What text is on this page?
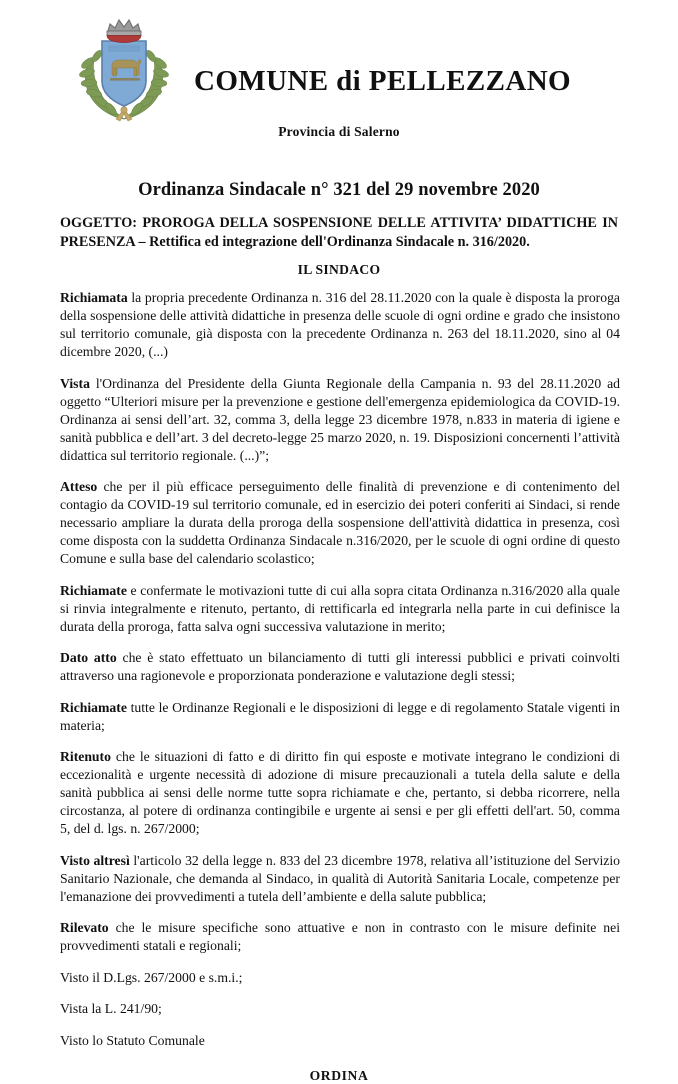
COMUNE di PELLEZZANO
Provincia di Salerno
Ordinanza Sindacale n° 321 del 29 novembre 2020
OGGETTO: PROROGA DELLA SOSPENSIONE DELLE ATTIVITA’ DIDATTICHE IN PRESENZA – Rettifica ed integrazione dell'Ordinanza Sindacale n. 316/2020.
IL SINDACO

Richiamata la propria precedente Ordinanza n. 316 del 28.11.2020 con la quale è disposta la proroga della sospensione delle attività didattiche in presenza delle scuole di ogni ordine e grado che insistono sul territorio comunale, già disposta con la precedente Ordinanza n. 263 del 18.11.2020, sino al 04 dicembre 2020, (...)

Vista l'Ordinanza del Presidente della Giunta Regionale della Campania n. 93 del 28.11.2020 ad oggetto “Ulteriori misure per la prevenzione e gestione dell'emergenza epidemiologica da COVID-19. Ordinanza ai sensi dell’art. 32, comma 3, della legge 23 dicembre 1978, n.833 in materia di igiene e sanità pubblica e dell’art. 3 del decreto-legge 25 marzo 2020, n. 19. Disposizioni concernenti l’attività didattica sul territorio regionale. (...)”;

Atteso che per il più efficace perseguimento delle finalità di prevenzione e di contenimento del contagio da COVID-19 sul territorio comunale, ed in esercizio dei poteri conferiti ai Sindaci, si rende necessario ampliare la durata della proroga della sospensione dell'attività didattica in presenza, così come disposta con la suddetta Ordinanza Sindacale n.316/2020, per le scuole di ogni ordine di questo Comune e sulla base del calendario scolastico;

Richiamate e confermate le motivazioni tutte di cui alla sopra citata Ordinanza n.316/2020 alla quale si rinvia integralmente e ritenuto, pertanto, di rettificarla ed integrarla nella parte in cui definisce la durata della proroga, fatta salva ogni successiva valutazione in merito;

Dato atto che è stato effettuato un bilanciamento di tutti gli interessi pubblici e privati coinvolti attraverso una ragionevole e proporzionata ponderazione e valutazione degli stessi;

Richiamate tutte le Ordinanze Regionali e le disposizioni di legge e di regolamento Statale vigenti in materia;

Ritenuto che le situazioni di fatto e di diritto fin qui esposte e motivate integrano le condizioni di eccezionalità e urgente necessità di adozione di misure precauzionali a tutela della salute e della sanità pubblica ai sensi delle norme tutte sopra richiamate e che, pertanto, si debba ricorrere, nella circostanza, al potere di ordinanza contingibile e urgente ai sensi e per gli effetti dell'art. 50, comma 5, del d. lgs. n. 267/2000;

Visto altresì l'articolo 32 della legge n. 833 del 23 dicembre 1978, relativa all’istituzione del Servizio Sanitario Nazionale, che demanda al Sindaco, in qualità di Autorità Sanitaria Locale, competenze per l'emanazione dei provvedimenti a tutela dell’ambiente e della salute pubblica;

Rilevato che le misure specifiche sono attuative e non in contrasto con le misure definite nei provvedimenti statali e regionali;

Visto il D.Lgs. 267/2000 e s.m.i.;

Vista la L. 241/90;

Visto lo Statuto Comunale

ORDINA
